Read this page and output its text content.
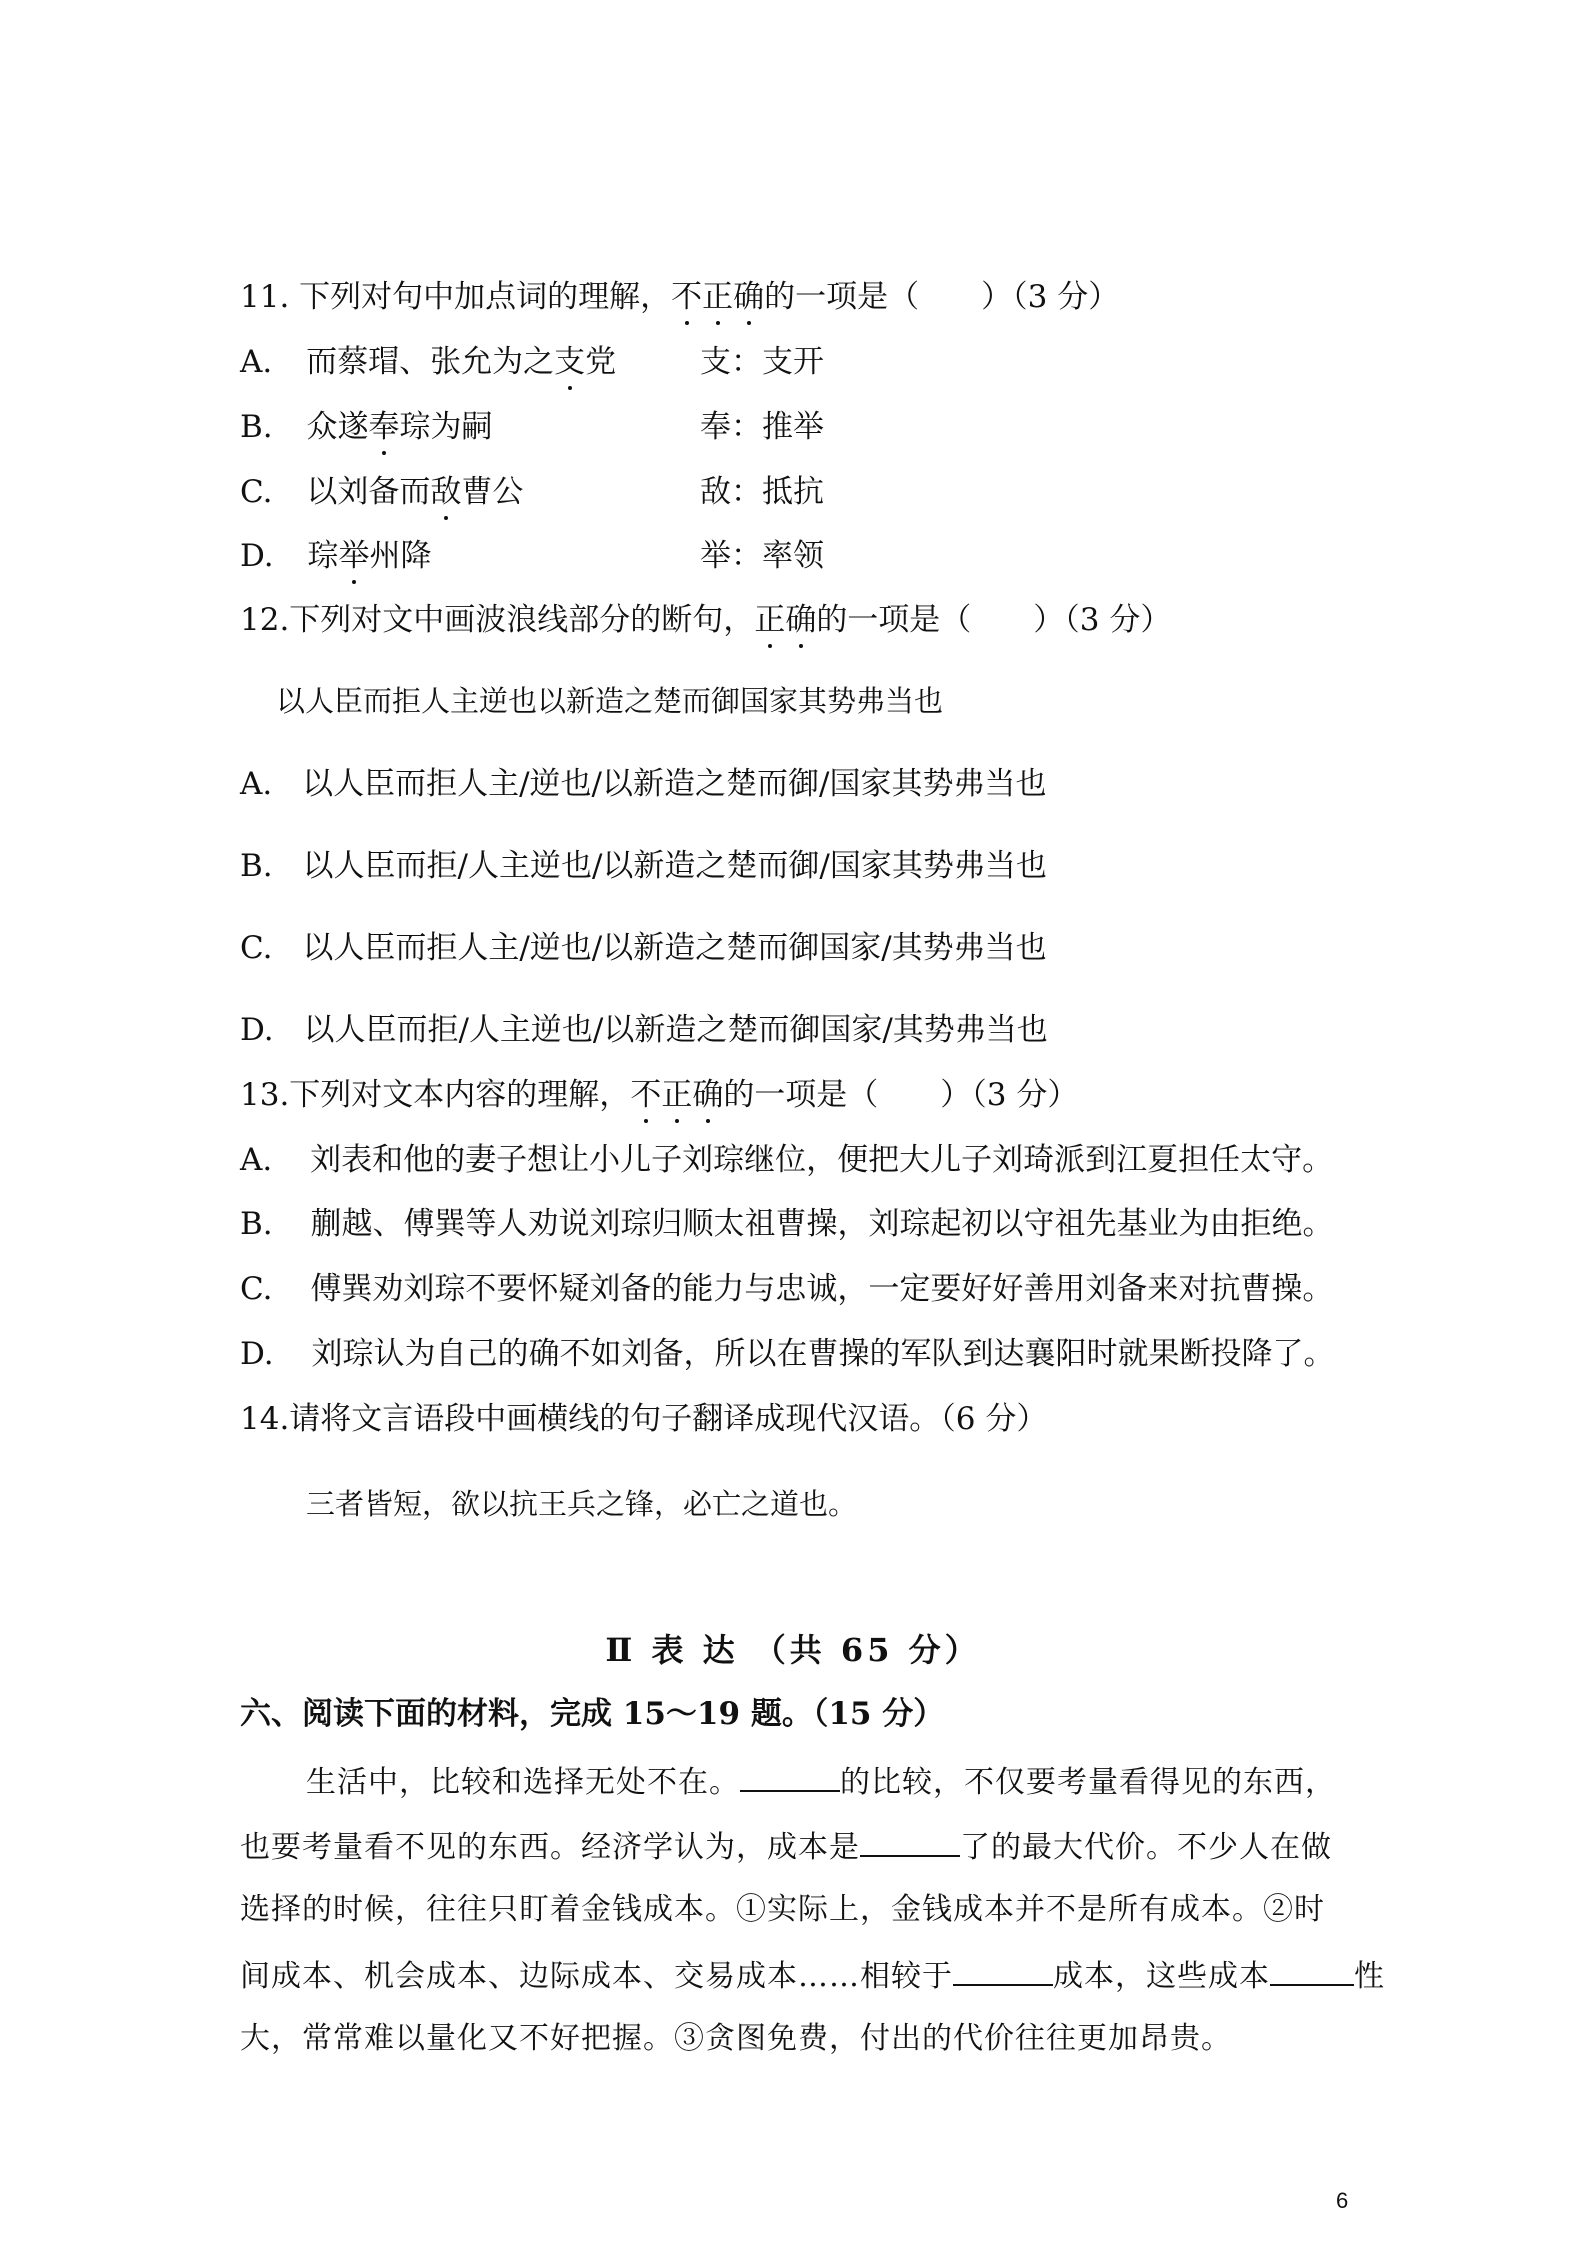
11. 下列对句中加点词的理解，不正确的一项是（　　）（3 分）
A. 而蔡瑁、张允为之支党	支：支开
B. 众遂奉琮为嗣	奉：推举
C. 以刘备而敌曹公	敌：抵抗
D. 琮举州降	举：率领
12.下列对文中画波浪线部分的断句，正确的一项是（　　）（3 分）
以人臣而拒人主逆也以新造之楚而御国家其势弗当也
A. 以人臣而拒人主/逆也/以新造之楚而御/国家其势弗当也
B. 以人臣而拒/人主逆也/以新造之楚而御/国家其势弗当也
C. 以人臣而拒人主/逆也/以新造之楚而御国家/其势弗当也
D. 以人臣而拒/人主逆也/以新造之楚而御国家/其势弗当也
13.下列对文本内容的理解，不正确的一项是（　　）（3 分）
A. 刘表和他的妻子想让小儿子刘琮继位，便把大儿子刘琦派到江夏担任太守。
B. 蒯越、傅巽等人劝说刘琮归顺太祖曹操，刘琮起初以守祖先基业为由拒绝。
C. 傅巽劝刘琮不要怀疑刘备的能力与忠诚，一定要好好善用刘备来对抗曹操。
D. 刘琮认为自己的确不如刘备，所以在曹操的军队到达襄阳时就果断投降了。
14.请将文言语段中画横线的句子翻译成现代汉语。（6 分）
三者皆短，欲以抗王兵之锋，必亡之道也。
Ⅱ 表 达 （共 65 分）
六、阅读下面的材料，完成 15～19 题。（15 分）
生活中，比较和选择无处不在。	的比较，不仅要考量看得见的东西，
也要考量看不见的东西。经济学认为，成本是	了的最大代价。不少人在做
选择的时候，往往只盯着金钱成本。①实际上，金钱成本并不是所有成本。②时
间成本、机会成本、边际成本、交易成本……相较于	成本，这些成本	性
大，常常难以量化又不好把握。③贪图免费，付出的代价往往更加昂贵。
6
